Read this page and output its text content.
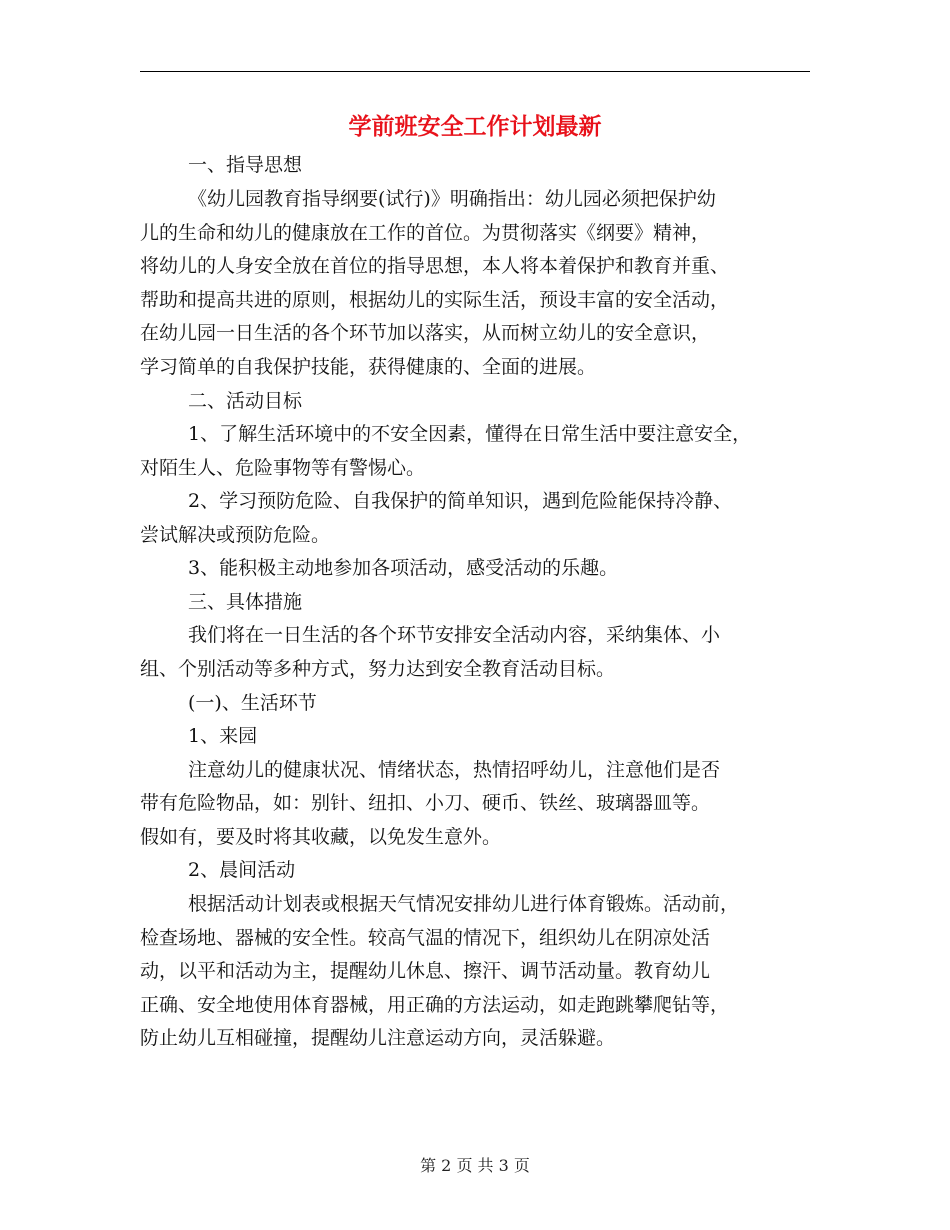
学前班安全工作计划最新
一、指导思想
《幼儿园教育指导纲要(试行)》明确指出：幼儿园必须把保护幼
儿的生命和幼儿的健康放在工作的首位。为贯彻落实《纲要》精神，
将幼儿的人身安全放在首位的指导思想，本人将本着保护和教育并重、
帮助和提高共进的原则，根据幼儿的实际生活，预设丰富的安全活动，
在幼儿园一日生活的各个环节加以落实，从而树立幼儿的安全意识，
学习简单的自我保护技能，获得健康的、全面的进展。
二、活动目标
1、了解生活环境中的不安全因素，懂得在日常生活中要注意安全，
对陌生人、危险事物等有警惕心。
2、学习预防危险、自我保护的简单知识，遇到危险能保持冷静、
尝试解决或预防危险。
3、能积极主动地参加各项活动，感受活动的乐趣。
三、具体措施
我们将在一日生活的各个环节安排安全活动内容，采纳集体、小
组、个别活动等多种方式，努力达到安全教育活动目标。
(一)、生活环节
1、来园
注意幼儿的健康状况、情绪状态，热情招呼幼儿，注意他们是否
带有危险物品，如：别针、纽扣、小刀、硬币、铁丝、玻璃器皿等。
假如有，要及时将其收藏，以免发生意外。
2、晨间活动
根据活动计划表或根据天气情况安排幼儿进行体育锻炼。活动前，
检查场地、器械的安全性。较高气温的情况下，组织幼儿在阴凉处活
动，以平和活动为主，提醒幼儿休息、擦汗、调节活动量。教育幼儿
正确、安全地使用体育器械，用正确的方法运动，如走跑跳攀爬钻等，
防止幼儿互相碰撞，提醒幼儿注意运动方向，灵活躲避。
第 2 页 共 3 页
